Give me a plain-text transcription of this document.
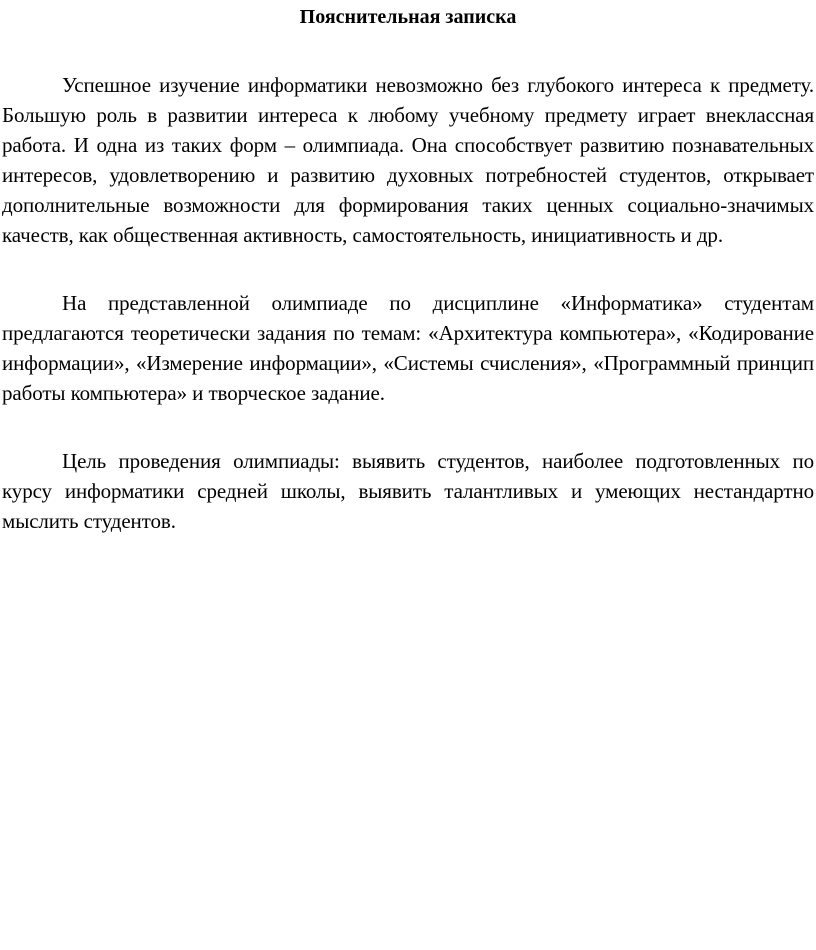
Пояснительная записка

Успешное изучение информатики невозможно без глубокого интереса к предмету. Большую роль в развитии интереса к любому учебному предмету играет внеклассная работа. И одна из таких форм – олимпиада. Она способствует развитию познавательных интересов, удовлетворению и развитию духовных потребностей студентов, открывает дополнительные возможности для формирования таких ценных социально-значимых качеств, как общественная активность, самостоятельность, инициативность и др.

На представленной олимпиаде по дисциплине «Информатика» студентам предлагаются теоретически задания по темам: «Архитектура компьютера», «Кодирование информации», «Измерение информации», «Системы счисления», «Программный принцип работы компьютера» и творческое задание.

Цель проведения олимпиады: выявить студентов, наиболее подготовленных по курсу информатики средней школы, выявить талантливых и умеющих нестандартно мыслить студентов.
